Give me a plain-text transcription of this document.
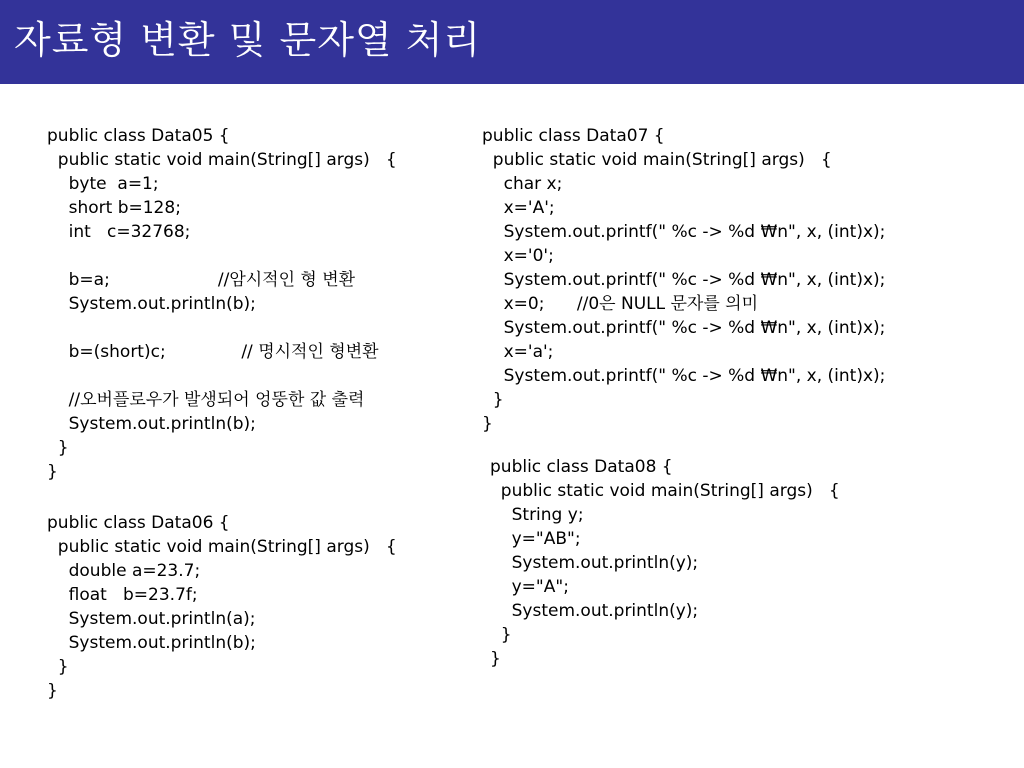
자료형 변환 및 문자열 처리
public class Data05 {
public static void main(String[] args)   {
byte  a=1;
short b=128;
int   c=32768;
b=a;                    //암시적인 형 변환
System.out.println(b);
b=(short)c;              // 명시적인 형변환
//오버플로우가 발생되어 엉뚱한 값 출력
System.out.println(b);
}
}
public class Data06 {
public static void main(String[] args)   {
double a=23.7;
float   b=23.7f;
System.out.println(a);
System.out.println(b);
}
}
public class Data07 {
public static void main(String[] args)   {
char x;
x='A';
System.out.printf(" %c -> %d ₩n", x, (int)x);
x='0';
System.out.printf(" %c -> %d ₩n", x, (int)x);
x=0;      //0은 NULL 문자를 의미
System.out.printf(" %c -> %d ₩n", x, (int)x);
x='a';
System.out.printf(" %c -> %d ₩n", x, (int)x);
}
}
public class Data08 {
public static void main(String[] args)   {
String y;
y="AB";
System.out.println(y);
y="A";
System.out.println(y);
}
}
